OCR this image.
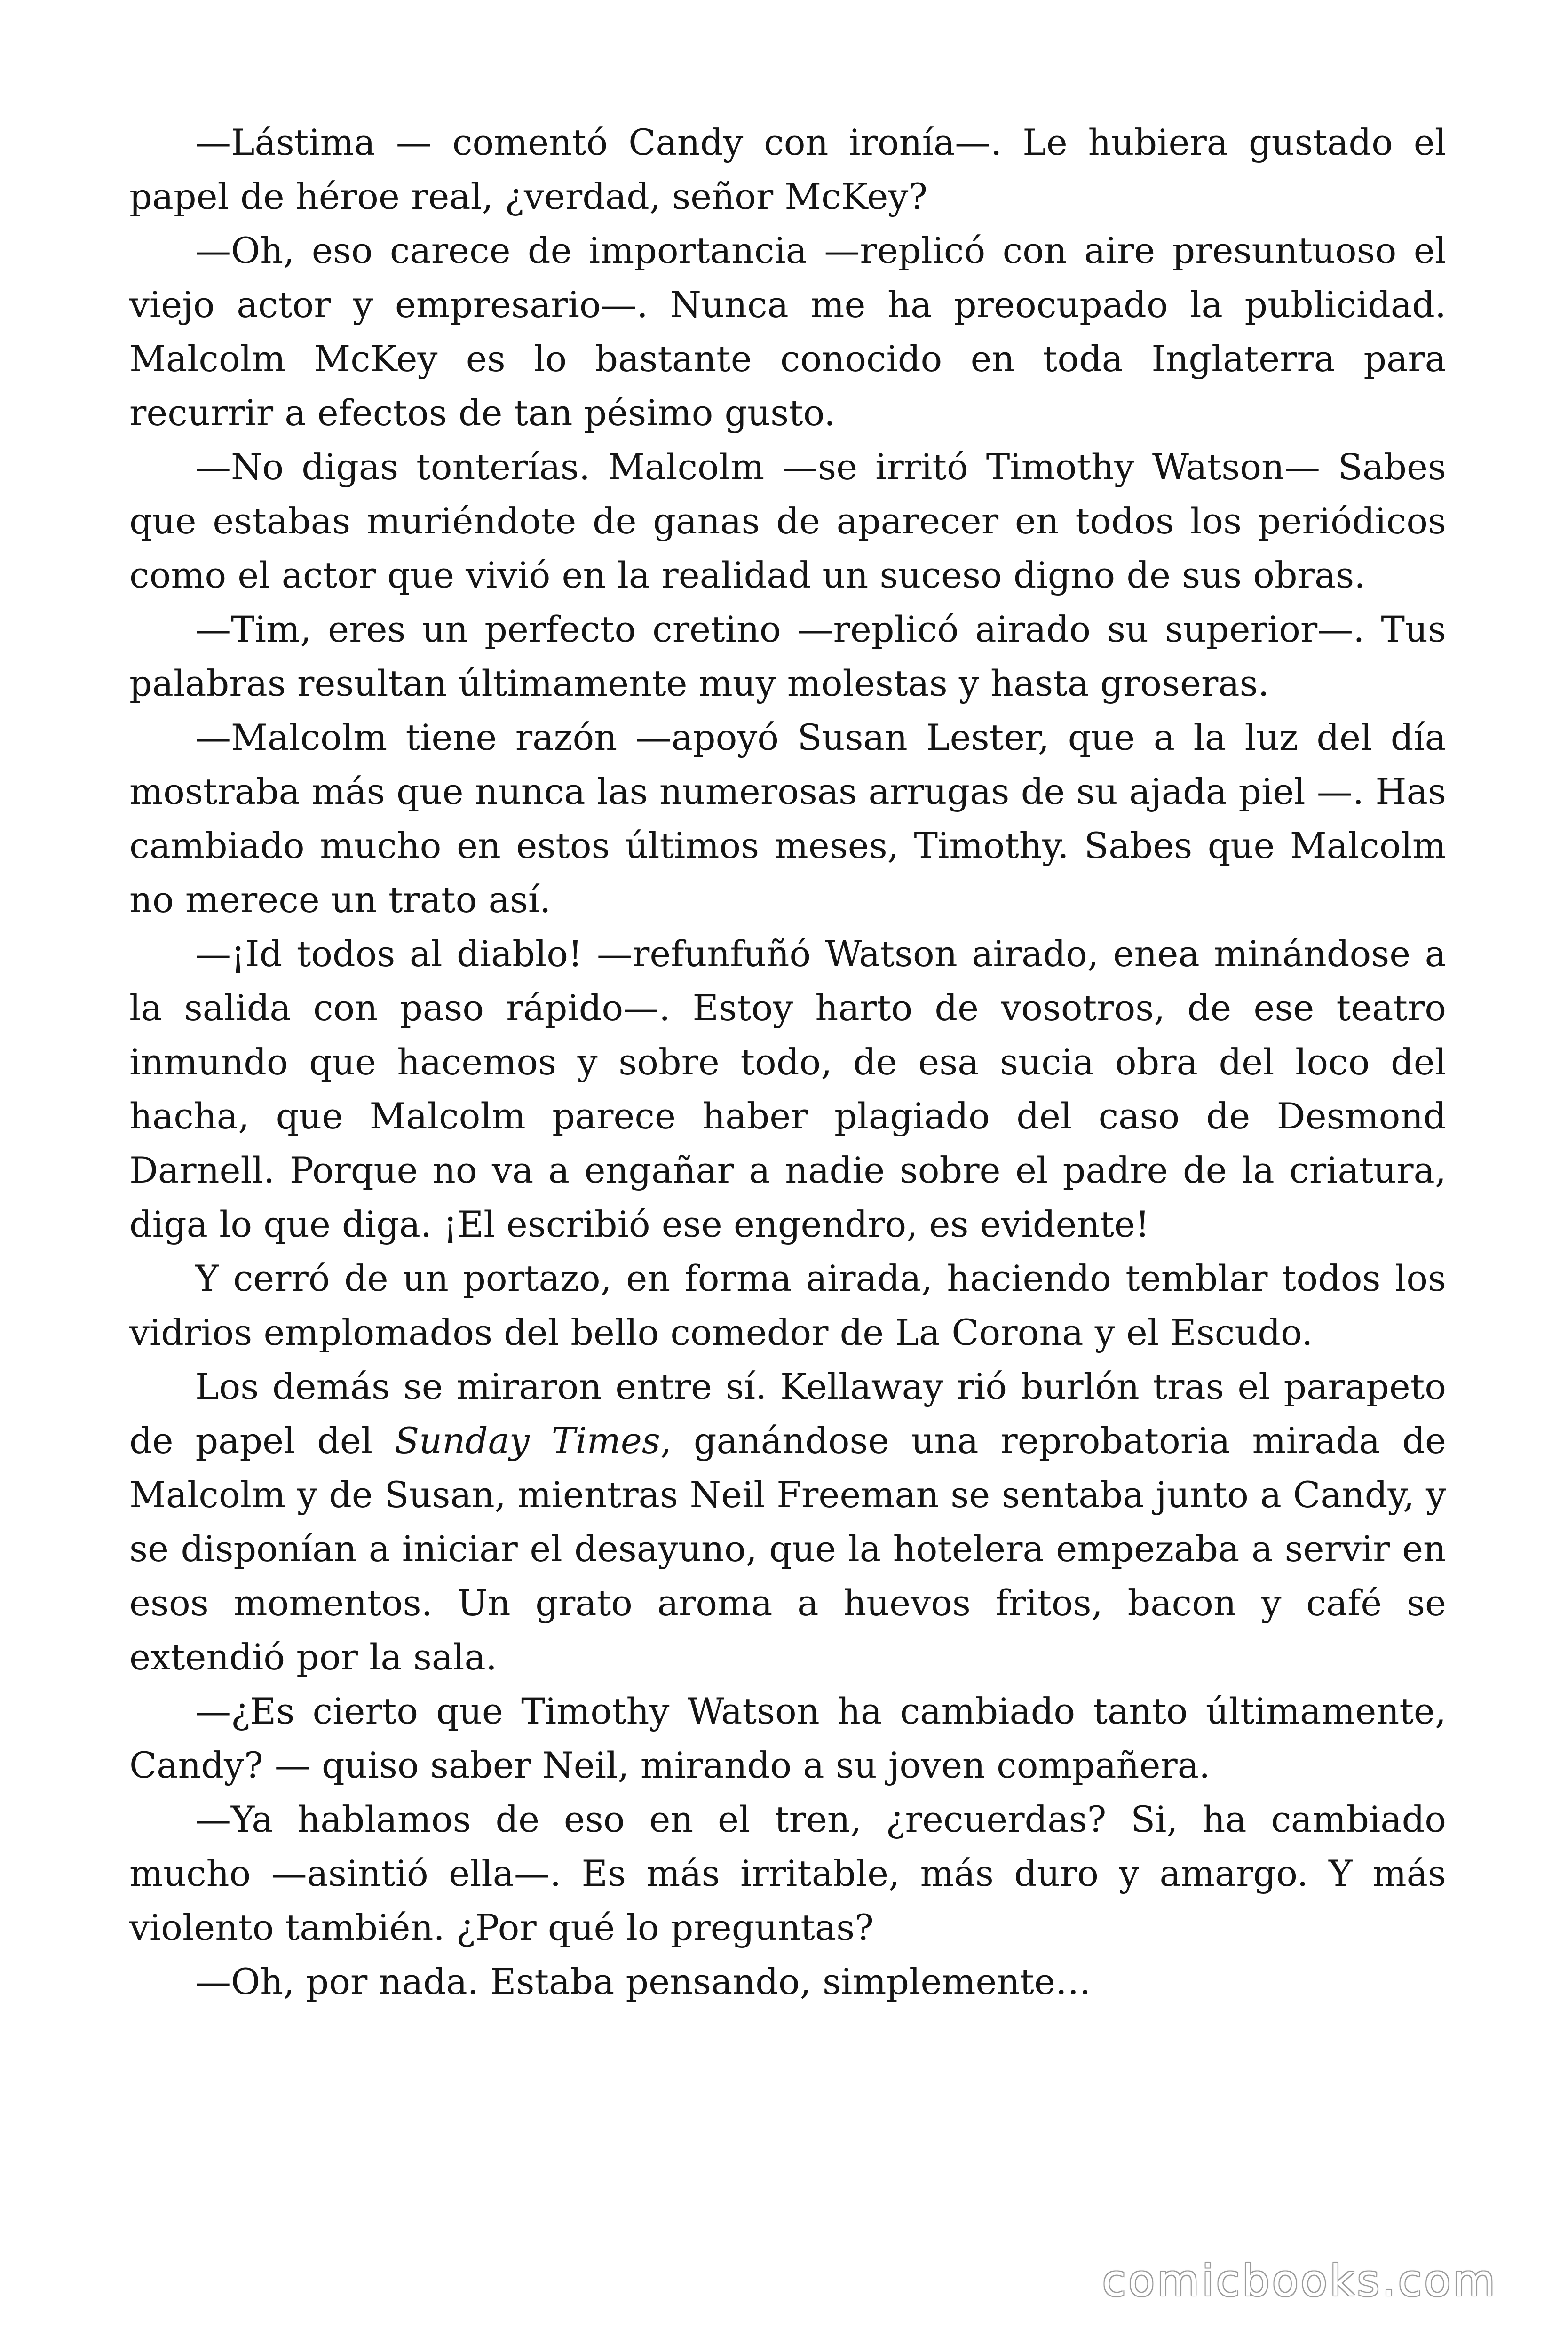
—Lástima — comentó Candy con ironía—. Le hubiera gustado el papel de héroe real, ¿verdad, señor McKey?

—Oh, eso carece de importancia —replicó con aire presuntuoso el viejo actor y empresario—. Nunca me ha preocupado la publicidad. Malcolm McKey es lo bastante conocido en toda Inglaterra para recurrir a efectos de tan pésimo gusto.

—No digas tonterías. Malcolm —se irritó Timothy Watson— Sabes que estabas muriéndote de ganas de aparecer en todos los periódicos como el actor que vivió en la realidad un suceso digno de sus obras.

—Tim, eres un perfecto cretino —replicó airado su superior—. Tus palabras resultan últimamente muy molestas y hasta groseras.

—Malcolm tiene razón —apoyó Susan Lester, que a la luz del día mostraba más que nunca las numerosas arrugas de su ajada piel —. Has cambiado mucho en estos últimos meses, Timothy. Sabes que Malcolm no merece un trato así.

—¡Id todos al diablo! —refunfuñó Watson airado, enea minándose a la salida con paso rápido—. Estoy harto de vosotros, de ese teatro inmundo que hacemos y sobre todo, de esa sucia obra del loco del hacha, que Malcolm parece haber plagiado del caso de Desmond Darnell. Porque no va a engañar a nadie sobre el padre de la criatura, diga lo que diga. ¡El escribió ese engendro, es evidente!

Y cerró de un portazo, en forma airada, haciendo temblar todos los vidrios emplomados del bello comedor de La Corona y el Escudo.

Los demás se miraron entre sí. Kellaway rió burlón tras el parapeto de papel del Sunday Times, ganándose una reprobatoria mirada de Malcolm y de Susan, mientras Neil Freeman se sentaba junto a Candy, y se disponían a iniciar el desayuno, que la hotelera empezaba a servir en esos momentos. Un grato aroma a huevos fritos, bacon y café se extendió por la sala.

—¿Es cierto que Timothy Watson ha cambiado tanto últimamente, Candy? — quiso saber Neil, mirando a su joven compañera.

—Ya hablamos de eso en el tren, ¿recuerdas? Si, ha cambiado mucho —asintió ella—. Es más irritable, más duro y amargo. Y más violento también. ¿Por qué lo preguntas?

—Oh, por nada. Estaba pensando, simplemente…

comicbooks.com
